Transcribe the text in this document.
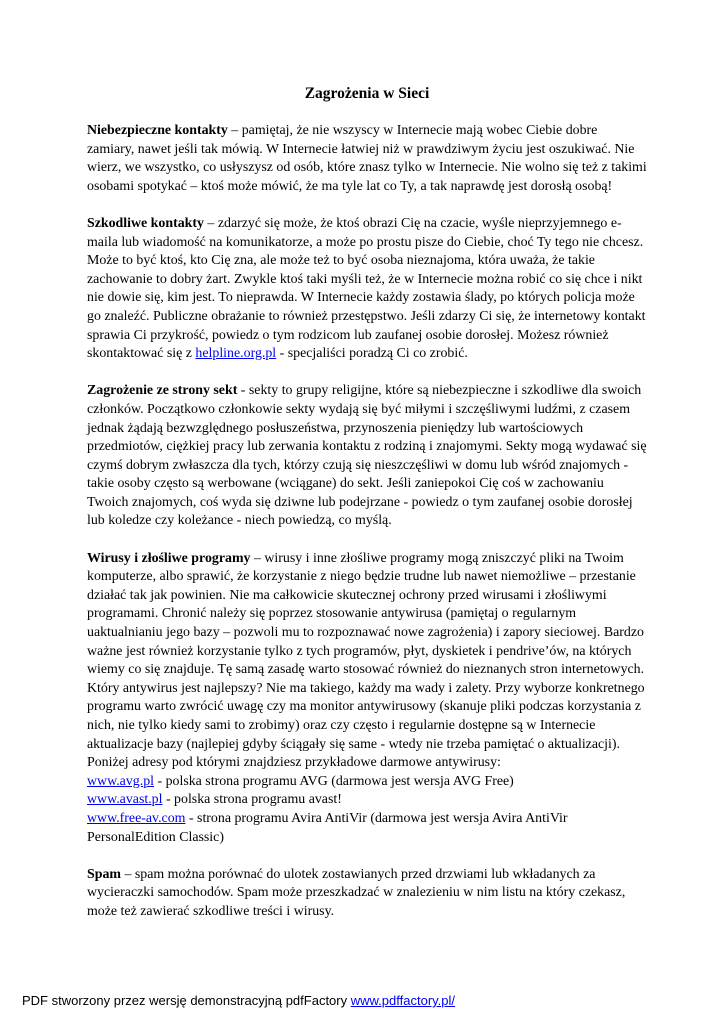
Zagrożenia w Sieci

Niebezpieczne kontakty – pamiętaj, że nie wszyscy w Internecie mają wobec Ciebie dobre zamiary, nawet jeśli tak mówią. W Internecie łatwiej niż w prawdziwym życiu jest oszukiwać. Nie wierz, we wszystko, co usłyszysz od osób, które znasz tylko w Internecie. Nie wolno się też z takimi osobami spotykać – ktoś może mówić, że ma tyle lat co Ty, a tak naprawdę jest dorosłą osobą!

Szkodliwe kontakty – zdarzyć się może, że ktoś obrazi Cię na czacie, wyśle nieprzyjemnego e-maila lub wiadomość na komunikatorze, a może po prostu pisze do Ciebie, choć Ty tego nie chcesz. Może to być ktoś, kto Cię zna, ale może też to być osoba nieznajoma, która uważa, że takie zachowanie to dobry żart. Zwykle ktoś taki myśli też, że w Internecie można robić co się chce i nikt nie dowie się, kim jest. To nieprawda. W Internecie każdy zostawia ślady, po których policja może go znaleźć. Publiczne obrażanie to również przestępstwo. Jeśli zdarzy Ci się, że internetowy kontakt sprawia Ci przykrość, powiedz o tym rodzicom lub zaufanej osobie dorosłej. Możesz również skontaktować się z helpline.org.pl - specjaliści poradzą Ci co zrobić.

Zagrożenie ze strony sekt - sekty to grupy religijne, które są niebezpieczne i szkodliwe dla swoich członków. Początkowo członkowie sekty wydają się być miłymi i szczęśliwymi ludźmi, z czasem jednak żądają bezwzględnego posłuszeństwa, przynoszenia pieniędzy lub wartościowych przedmiotów, ciężkiej pracy lub zerwania kontaktu z rodziną i znajomymi. Sekty mogą wydawać się czymś dobrym zwłaszcza dla tych, którzy czują się nieszczęśliwi w domu lub wśród znajomych - takie osoby często są werbowane (wciągane) do sekt. Jeśli zaniepokoi Cię coś w zachowaniu Twoich znajomych, coś wyda się dziwne lub podejrzane - powiedz o tym zaufanej osobie dorosłej lub koledze czy koleżance - niech powiedzą, co myślą.

Wirusy i złośliwe programy – wirusy i inne złośliwe programy mogą zniszczyć pliki na Twoim komputerze, albo sprawić, że korzystanie z niego będzie trudne lub nawet niemożliwe – przestanie działać tak jak powinien. Nie ma całkowicie skutecznej ochrony przed wirusami i złośliwymi programami. Chronić należy się poprzez stosowanie antywirusa (pamiętaj o regularnym uaktualnianiu jego bazy – pozwoli mu to rozpoznawać nowe zagrożenia) i zapory sieciowej. Bardzo ważne jest również korzystanie tylko z tych programów, płyt, dyskietek i pendrive’ów, na których wiemy co się znajduje. Tę samą zasadę warto stosować również do nieznanych stron internetowych.

Który antywirus jest najlepszy? Nie ma takiego, każdy ma wady i zalety. Przy wyborze konkretnego programu warto zwrócić uwagę czy ma monitor antywirusowy (skanuje pliki podczas korzystania z nich, nie tylko kiedy sami to zrobimy) oraz czy często i regularnie dostępne są w Internecie aktualizacje bazy (najlepiej gdyby ściągały się same - wtedy nie trzeba pamiętać o aktualizacji). Poniżej adresy pod którymi znajdziesz przykładowe darmowe antywirusy:

www.avg.pl - polska strona programu AVG (darmowa jest wersja AVG Free)

www.avast.pl - polska strona programu avast!

www.free-av.com - strona programu Avira AntiVir (darmowa jest wersja Avira AntiVir PersonalEdition Classic)

Spam – spam można porównać do ulotek zostawianych przed drzwiami lub wkładanych za wycieraczki samochodów. Spam może przeszkadzać w znalezieniu w nim listu na który czekasz, może też zawierać szkodliwe treści i wirusy.

PDF stworzony przez wersję demonstracyjną pdfFactory www.pdffactory.pl/
